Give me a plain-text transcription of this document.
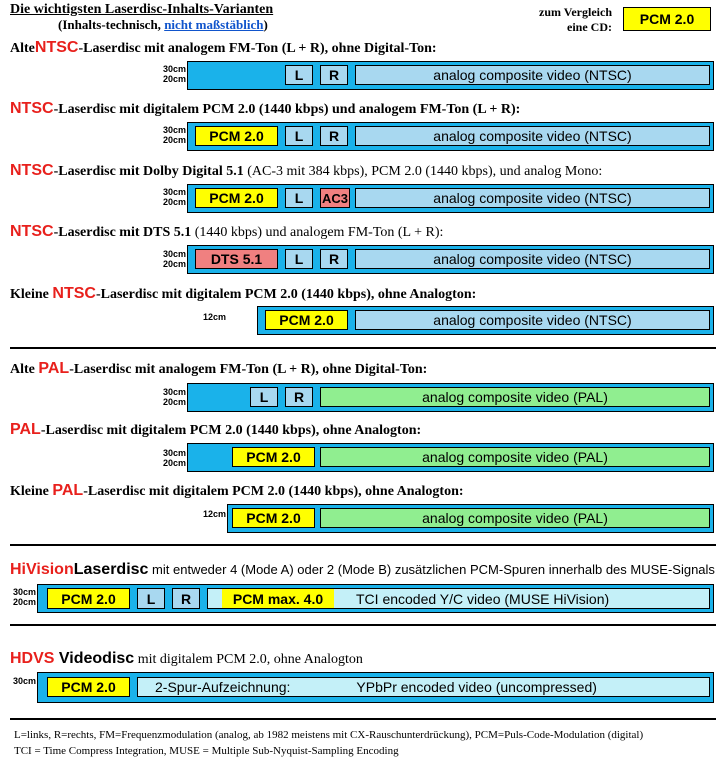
Die wichtigsten Laserdisc-Inhalts-Varianten
(Inhalts-technisch, nicht maßstäblich)
zum Vergleich eine CD:	PCM 2.0
AlteNTSC-Laserdisc mit analogem FM-Ton (L + R), ohne Digital-Ton:
30cm
20cm	L	R	analog composite video (NTSC)
NTSC-Laserdisc mit digitalem PCM 2.0 (1440 kbps) und analogem FM-Ton (L + R):
30cm
20cm	PCM 2.0	L	R	analog composite video (NTSC)
NTSC-Laserdisc mit Dolby Digital 5.1 (AC-3 mit 384 kbps), PCM 2.0 (1440 kbps), und analog Mono:
30cm
20cm	PCM 2.0	L	AC3	analog composite video (NTSC)
NTSC-Laserdisc mit DTS 5.1 (1440 kbps) und analogem FM-Ton (L + R):
30cm
20cm	DTS 5.1	L	R	analog composite video (NTSC)
Kleine NTSC-Laserdisc mit digitalem PCM 2.0 (1440 kbps), ohne Analogton:
12cm	PCM 2.0	analog composite video (NTSC)
Alte PAL-Laserdisc mit analogem FM-Ton (L + R), ohne Digital-Ton:
30cm
20cm	L	R	analog composite video (PAL)
PAL-Laserdisc mit digitalem PCM 2.0 (1440 kbps), ohne Analogton:
30cm
20cm	PCM 2.0	analog composite video (PAL)
Kleine PAL-Laserdisc mit digitalem PCM 2.0 (1440 kbps), ohne Analogton:
12cm	PCM 2.0	analog composite video (PAL)
HiVisionLaserdisc mit entweder 4 (Mode A) oder 2 (Mode B) zusätzlichen PCM-Spuren innerhalb des MUSE-Signals
30cm
20cm	PCM 2.0	L	R	PCM max. 4.0	TCI encoded Y/C video (MUSE HiVision)
HDVS Videodisc mit digitalem PCM 2.0, ohne Analogton
30cm	PCM 2.0	2-Spur-Aufzeichnung:	YPbPr encoded video (uncompressed)
L=links, R=rechts, FM=Frequenzmodulation (analog, ab 1982 meistens mit CX-Rauschunterdrückung), PCM=Puls-Code-Modulation (digital)
TCI = Time Compress Integration, MUSE = Multiple Sub-Nyquist-Sampling Encoding
